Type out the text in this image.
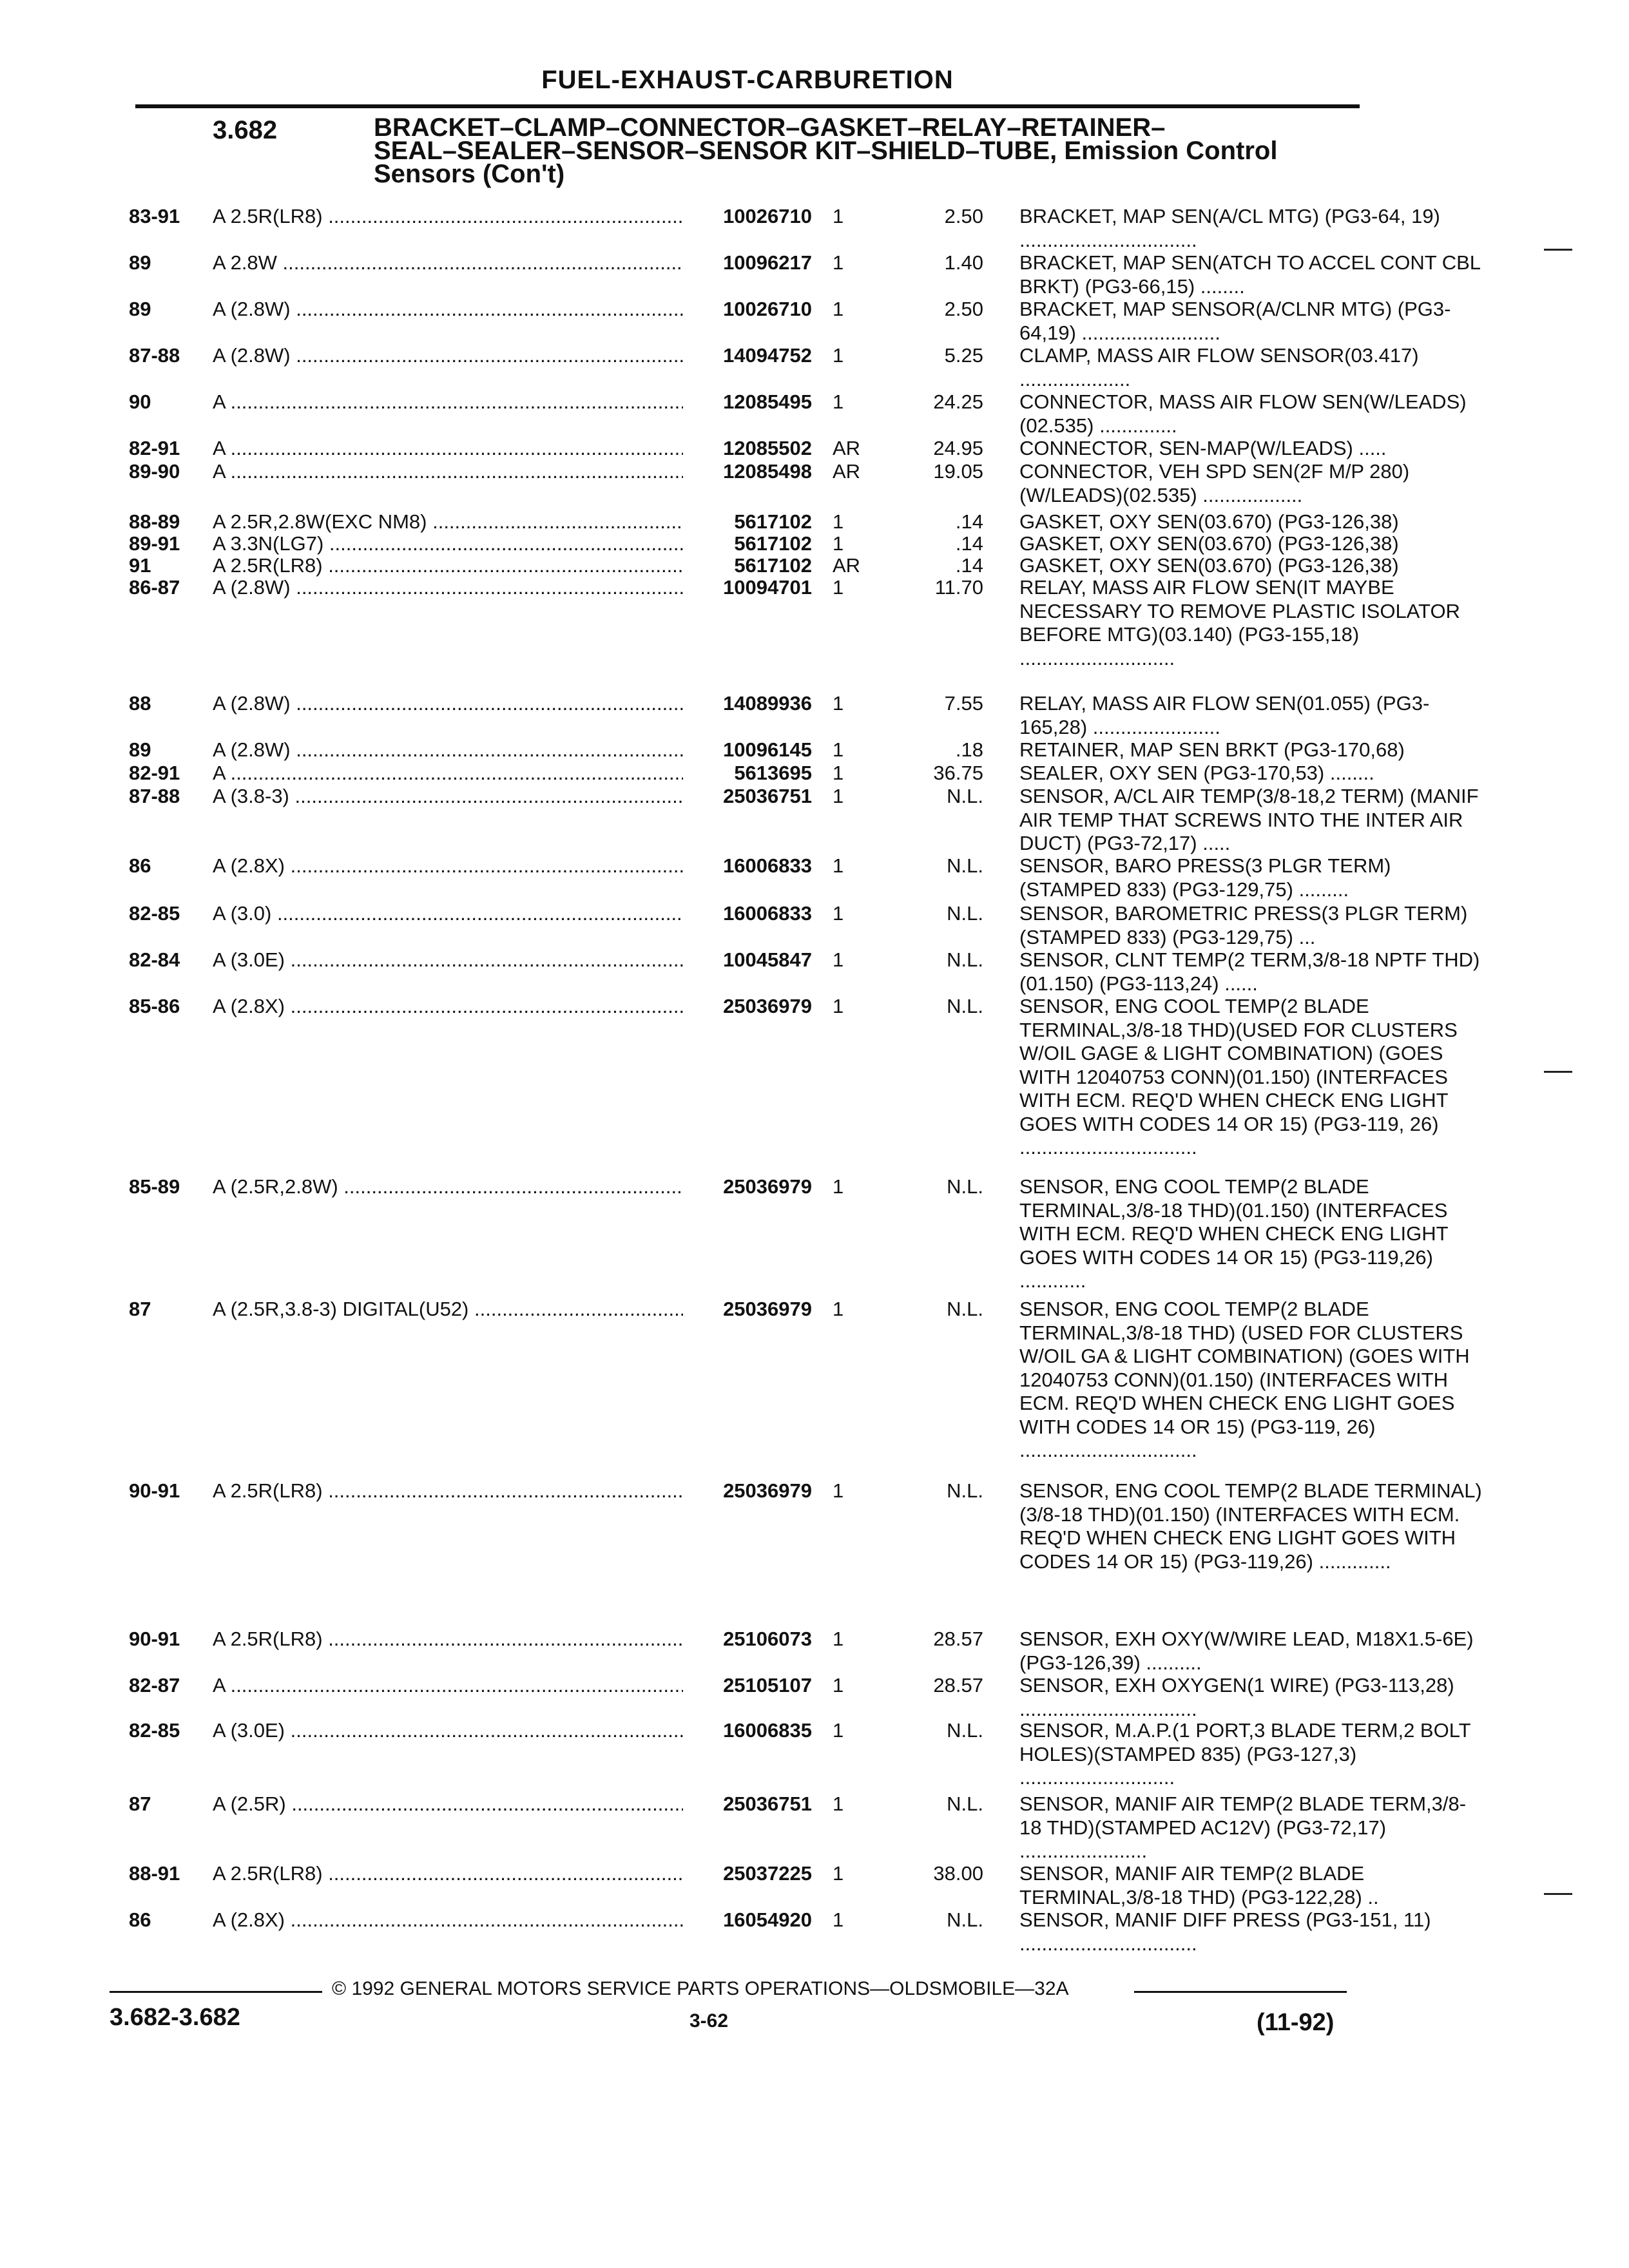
FUEL-EXHAUST-CARBURETION
3.682	BRACKET–CLAMP–CONNECTOR–GASKET–RELAY–RETAINER–
SEAL–SEALER–SENSOR–SENSOR KIT–SHIELD–TUBE, Emission Control
Sensors (Con't)
83-91 A 2.5R(LR8) .....	10026710 1	2.50 BRACKET, MAP SEN(A/CL MTG) (PG3-64, 19) ................................
89	A 2.8W .....	10096217 1	1.40 BRACKET, MAP SEN(ATCH TO ACCEL CONT CBL BRKT) (PG3-66,15) ........
89	A (2.8W) .....	10026710 1	2.50 BRACKET, MAP SENSOR(A/CLNR MTG) (PG3-64,19) .........................
87-88 A (2.8W) .....	14094752 1	5.25 CLAMP, MASS AIR FLOW SENSOR(03.417) ....................
90	A .....	12085495 1	24.25 CONNECTOR, MASS AIR FLOW SEN(W/LEADS)(02.535) ..............
82-91 A .....	12085502 AR	24.95 CONNECTOR, SEN-MAP(W/LEADS) .....
89-90 A .....	12085498 AR	19.05 CONNECTOR, VEH SPD SEN(2F M/P 280) (W/LEADS)(02.535) ..................
88-89 A 2.5R,2.8W(EXC NM8) .....	5617102 1	.14 GASKET, OXY SEN(03.670) (PG3-126,38)
89-91 A 3.3N(LG7) .....	5617102 1	.14 GASKET, OXY SEN(03.670) (PG3-126,38)
91	A 2.5R(LR8) .....	5617102 AR	.14 GASKET, OXY SEN(03.670) (PG3-126,38)
86-87 A (2.8W) .....	10094701 1	11.70 RELAY, MASS AIR FLOW SEN(IT MAYBE NECESSARY TO REMOVE PLASTIC ISOLATOR BEFORE MTG)(03.140) (PG3-155,18) ............................
88	A (2.8W) .....	14089936 1	7.55 RELAY, MASS AIR FLOW SEN(01.055) (PG3-165,28) .......................
89	A (2.8W) .....	10096145 1	.18 RETAINER, MAP SEN BRKT (PG3-170,68)
82-91 A .....	5613695 1	36.75 SEALER, OXY SEN (PG3-170,53) ........
87-88 A (3.8-3) .....	25036751 1	N.L. SENSOR, A/CL AIR TEMP(3/8-18,2 TERM) (MANIF AIR TEMP THAT SCREWS INTO THE INTER AIR DUCT) (PG3-72,17) .....
86	A (2.8X) .....	16006833 1	N.L. SENSOR, BARO PRESS(3 PLGR TERM) (STAMPED 833) (PG3-129,75) .........
82-85 A (3.0) .....	16006833 1	N.L. SENSOR, BAROMETRIC PRESS(3 PLGR TERM)(STAMPED 833) (PG3-129,75) ...
82-84 A (3.0E) .....	10045847 1	N.L. SENSOR, CLNT TEMP(2 TERM,3/8-18 NPTF THD)(01.150) (PG3-113,24) ......
85-86 A (2.8X) .....	25036979 1	N.L. SENSOR, ENG COOL TEMP(2 BLADE TERMINAL,3/8-18 THD)(USED FOR CLUSTERS W/OIL GAGE & LIGHT COMBINATION) (GOES WITH 12040753 CONN)(01.150) (INTERFACES WITH ECM. REQ'D WHEN CHECK ENG LIGHT GOES WITH CODES 14 OR 15) (PG3-119, 26) ................................
85-89 A (2.5R,2.8W) .....	25036979 1	N.L. SENSOR, ENG COOL TEMP(2 BLADE TERMINAL,3/8-18 THD)(01.150) (INTERFACES WITH ECM. REQ'D WHEN CHECK ENG LIGHT GOES WITH CODES 14 OR 15) (PG3-119,26) ............
87	A (2.5R,3.8-3) DIGITAL(U52) .....	25036979 1	N.L. SENSOR, ENG COOL TEMP(2 BLADE TERMINAL,3/8-18 THD) (USED FOR CLUSTERS W/OIL GA & LIGHT COMBINATION) (GOES WITH 12040753 CONN)(01.150) (INTERFACES WITH ECM. REQ'D WHEN CHECK ENG LIGHT GOES WITH CODES 14 OR 15) (PG3-119, 26) ................................
90-91 A 2.5R(LR8) .....	25036979 1	N.L. SENSOR, ENG COOL TEMP(2 BLADE TERMINAL)(3/8-18 THD)(01.150) (INTERFACES WITH ECM. REQ'D WHEN CHECK ENG LIGHT GOES WITH CODES 14 OR 15) (PG3-119,26) .............
90-91 A 2.5R(LR8) .....	25106073 1	28.57 SENSOR, EXH OXY(W/WIRE LEAD, M18X1.5-6E) (PG3-126,39) ..........
82-87 A .....	25105107 1	28.57 SENSOR, EXH OXYGEN(1 WIRE) (PG3-113,28) ................................
82-85 A (3.0E) .....	16006835 1	N.L. SENSOR, M.A.P.(1 PORT,3 BLADE TERM,2 BOLT HOLES)(STAMPED 835) (PG3-127,3) ............................
87	A (2.5R) .....	25036751 1	N.L. SENSOR, MANIF AIR TEMP(2 BLADE TERM,3/8-18 THD)(STAMPED AC12V) (PG3-72,17) .......................
88-91 A 2.5R(LR8) .....	25037225 1	38.00 SENSOR, MANIF AIR TEMP(2 BLADE TERMINAL,3/8-18 THD) (PG3-122,28) ..
86	A (2.8X) .....	16054920 1	N.L. SENSOR, MANIF DIFF PRESS (PG3-151, 11) ................................
© 1992 GENERAL MOTORS SERVICE PARTS OPERATIONS—OLDSMOBILE—32A
3.682-3.682	3-62	(11-92)
